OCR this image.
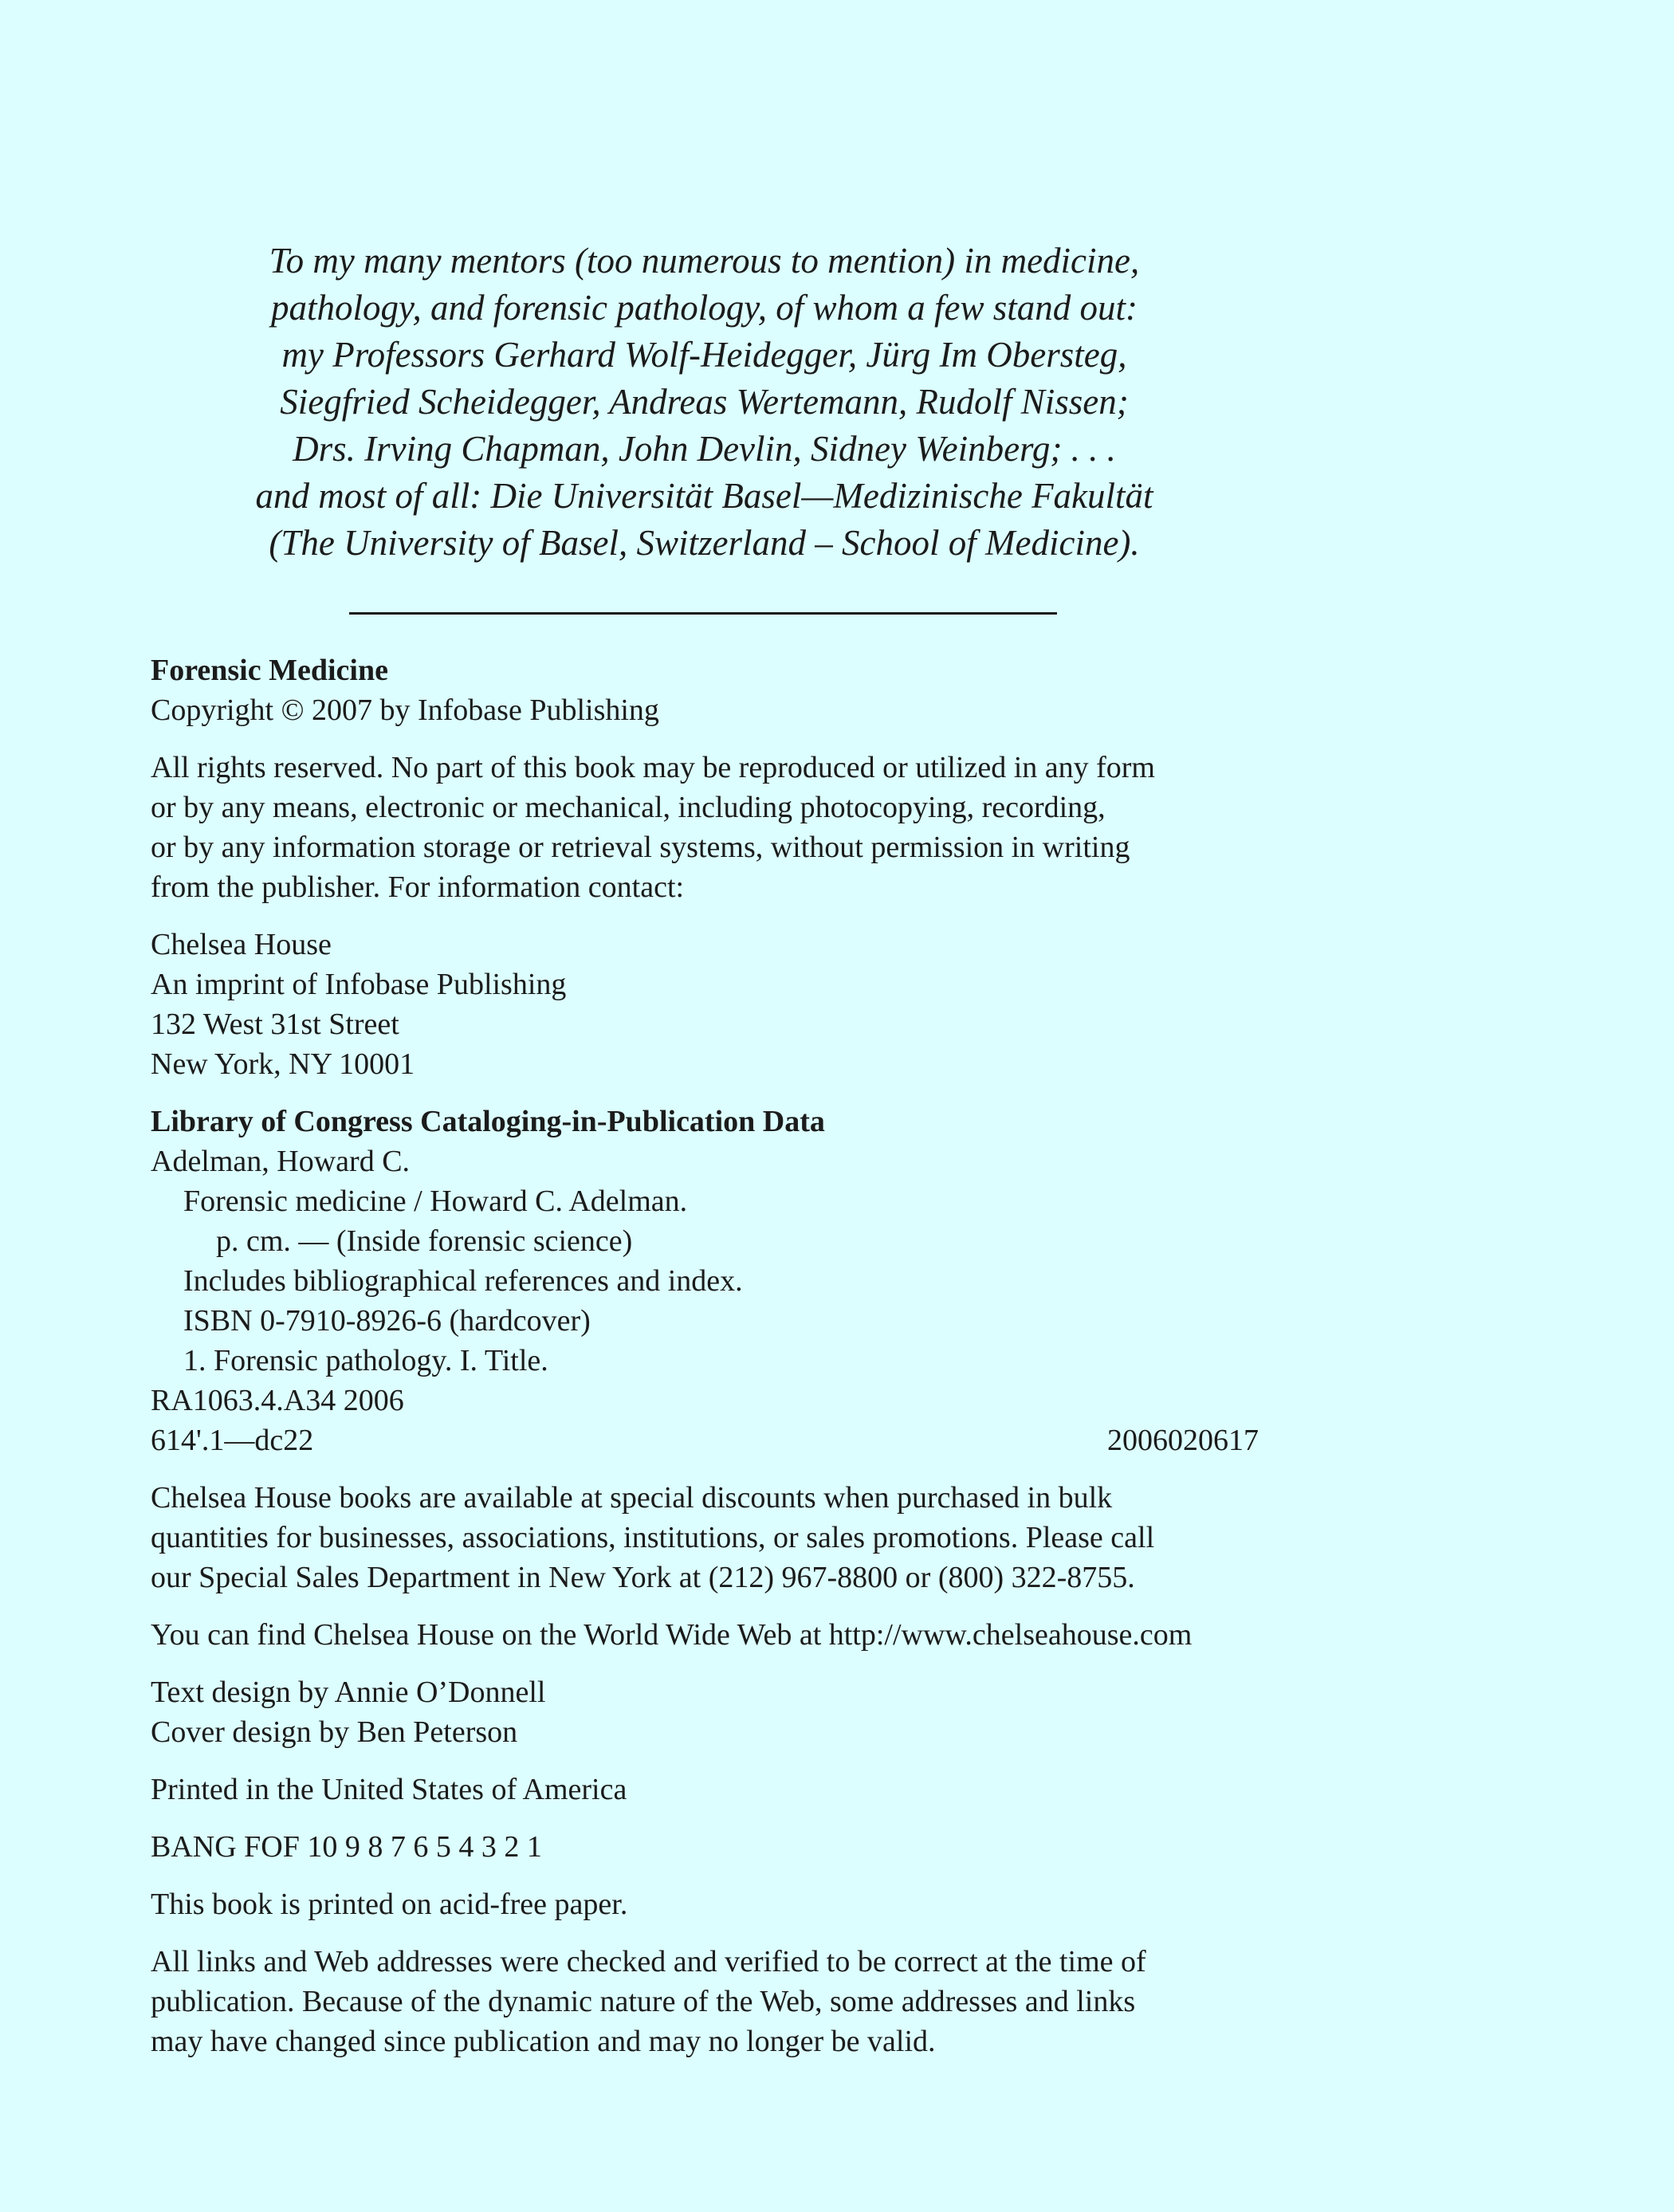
To my many mentors (too numerous to mention) in medicine,
pathology, and forensic pathology, of whom a few stand out:
my Professors Gerhard Wolf-Heidegger, Jürg Im Obersteg,
Siegfried Scheidegger, Andreas Wertemann, Rudolf Nissen;
Drs. Irving Chapman, John Devlin, Sidney Weinberg; . . .
and most of all: Die Universität Basel—Medizinische Fakultät
(The University of Basel, Switzerland – School of Medicine).
Forensic Medicine
Copyright © 2007 by Infobase Publishing
All rights reserved. No part of this book may be reproduced or utilized in any form
or by any means, electronic or mechanical, including photocopying, recording,
or by any information storage or retrieval systems, without permission in writing
from the publisher. For information contact:
Chelsea House
An imprint of Infobase Publishing
132 West 31st Street
New York, NY 10001
Library of Congress Cataloging-in-Publication Data
Adelman, Howard C.
Forensic medicine / Howard C. Adelman.
p. cm. — (Inside forensic science)
Includes bibliographical references and index.
ISBN 0-7910-8926-6 (hardcover)
1. Forensic pathology. I. Title.
RA1063.4.A34 2006
614'.1—dc22	2006020617
Chelsea House books are available at special discounts when purchased in bulk
quantities for businesses, associations, institutions, or sales promotions. Please call
our Special Sales Department in New York at (212) 967-8800 or (800) 322-8755.
You can find Chelsea House on the World Wide Web at http://www.chelseahouse.com
Text design by Annie O’Donnell
Cover design by Ben Peterson
Printed in the United States of America
BANG FOF 10 9 8 7 6 5 4 3 2 1
This book is printed on acid-free paper.
All links and Web addresses were checked and verified to be correct at the time of
publication. Because of the dynamic nature of the Web, some addresses and links
may have changed since publication and may no longer be valid.
